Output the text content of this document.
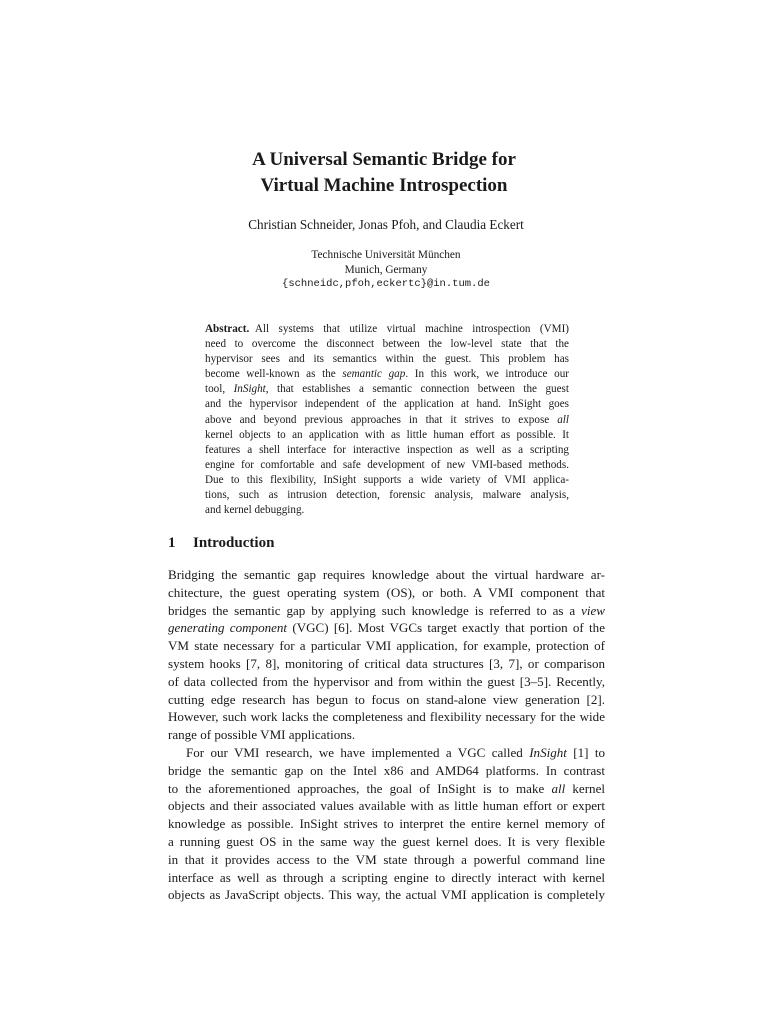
A Universal Semantic Bridge for
Virtual Machine Introspection
Christian Schneider, Jonas Pfoh, and Claudia Eckert
Technische Universität München
Munich, Germany
{schneidc,pfoh,eckertc}@in.tum.de
Abstract.  All systems that utilize virtual machine introspection (VMI)
need to overcome the disconnect between the low-level state that the
hypervisor sees and its semantics within the guest. This problem has
become well-known as the semantic gap. In this work, we introduce our
tool, InSight, that establishes a semantic connection between the guest
and the hypervisor independent of the application at hand. InSight goes
above and beyond previous approaches in that it strives to expose all
kernel objects to an application with as little human effort as possible. It
features a shell interface for interactive inspection as well as a scripting
engine for comfortable and safe development of new VMI-based methods.
Due to this flexibility, InSight supports a wide variety of VMI applica-
tions, such as intrusion detection, forensic analysis, malware analysis,
and kernel debugging.
1 Introduction
Bridging the semantic gap requires knowledge about the virtual hardware ar-
chitecture, the guest operating system (OS), or both. A VMI component that
bridges the semantic gap by applying such knowledge is referred to as a view
generating component (VGC) [6]. Most VGCs target exactly that portion of the
VM state necessary for a particular VMI application, for example, protection of
system hooks [7, 8], monitoring of critical data structures [3, 7], or comparison
of data collected from the hypervisor and from within the guest [3–5]. Recently,
cutting edge research has begun to focus on stand-alone view generation [2].
However, such work lacks the completeness and flexibility necessary for the wide
range of possible VMI applications.
For our VMI research, we have implemented a VGC called InSight [1] to
bridge the semantic gap on the Intel x86 and AMD64 platforms. In contrast
to the aforementioned approaches, the goal of InSight is to make all kernel
objects and their associated values available with as little human effort or expert
knowledge as possible. InSight strives to interpret the entire kernel memory of
a running guest OS in the same way the guest kernel does. It is very flexible
in that it provides access to the VM state through a powerful command line
interface as well as through a scripting engine to directly interact with kernel
objects as JavaScript objects. This way, the actual VMI application is completely
